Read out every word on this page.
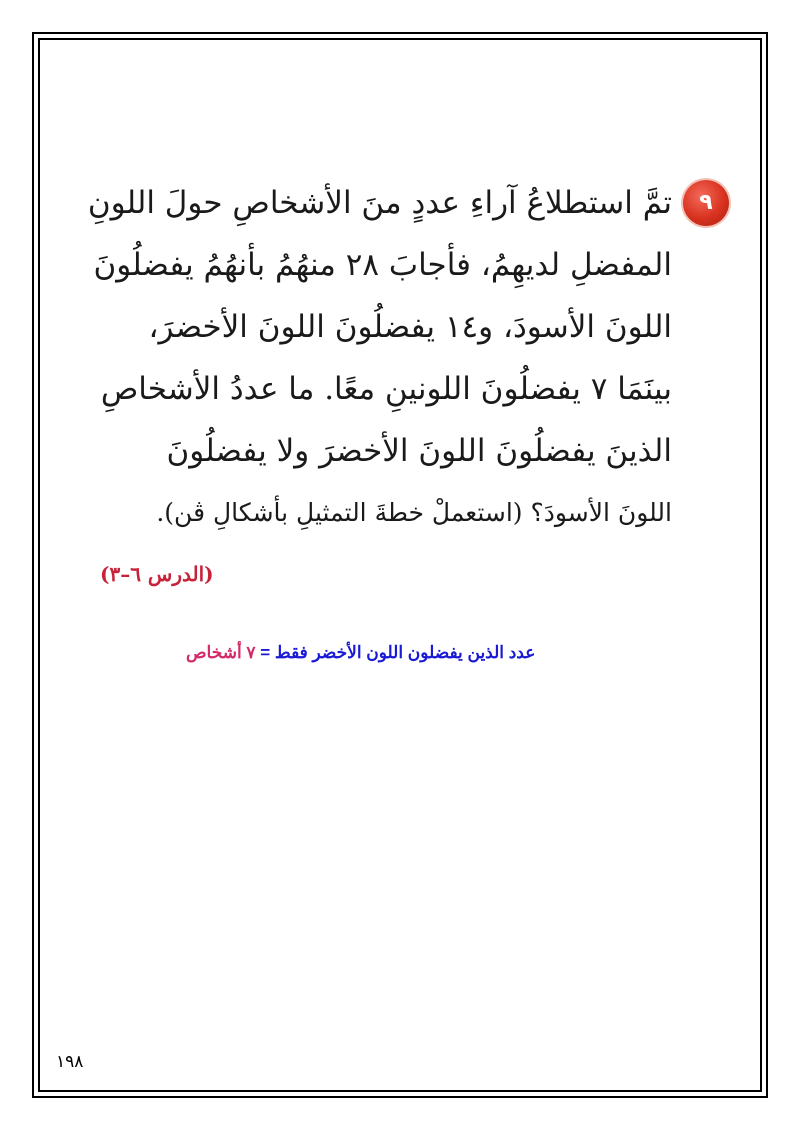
٩
تمَّ استطلاعُ آراءِ عددٍ منَ الأشخاصِ حولَ اللونِ
المفضلِ لديهِمُ، فأجابَ ٢٨ منهُمُ بأنهُمُ يفضلُونَ
اللونَ الأسودَ، و١٤ يفضلُونَ اللونَ الأخضرَ،
بينَمَا ٧ يفضلُونَ اللونينِ معًا. ما عددُ الأشخاصِ
الذينَ يفضلُونَ اللونَ الأخضرَ ولا يفضلُونَ
اللونَ الأسودَ؟ (استعملْ خطةَ التمثيلِ بأشكالِ ڤن).
(الدرس ٦–٣)
عدد الذين يفضلون اللون الأخضر فقط = ٧ أشخاص
١٩٨
